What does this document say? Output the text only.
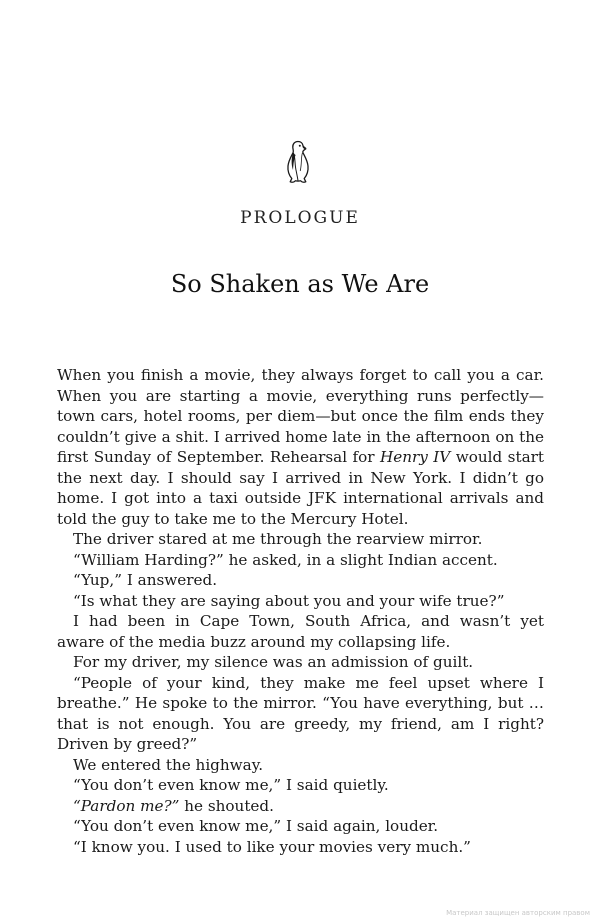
PROLOGUE
So Shaken as We Are

When you finish a movie, they always forget to call you a car. When you are starting a movie, everything runs perfectly—town cars, hotel rooms, per diem—but once the film ends they couldn’t give a shit. I arrived home late in the afternoon on the first Sunday of September. Rehearsal for Henry IV would start the next day. I should say I arrived in New York. I didn’t go home. I got into a taxi outside JFK international arrivals and told the guy to take me to the Mercury Hotel.

The driver stared at me through the rearview mirror.

“William Harding?” he asked, in a slight Indian accent.

“Yup,” I answered.

“Is what they are saying about you and your wife true?”

I had been in Cape Town, South Africa, and wasn’t yet aware of the media buzz around my collapsing life.

For my driver, my silence was an admission of guilt.

“People of your kind, they make me feel upset where I breathe.” He spoke to the mirror. “You have everything, but … that is not enough. You are greedy, my friend, am I right? Driven by greed?”

We entered the highway.

“You don’t even know me,” I said quietly.

“Pardon me?” he shouted.

“You don’t even know me,” I said again, louder.

“I know you. I used to like your movies very much.”

Материал защищен авторским правом
